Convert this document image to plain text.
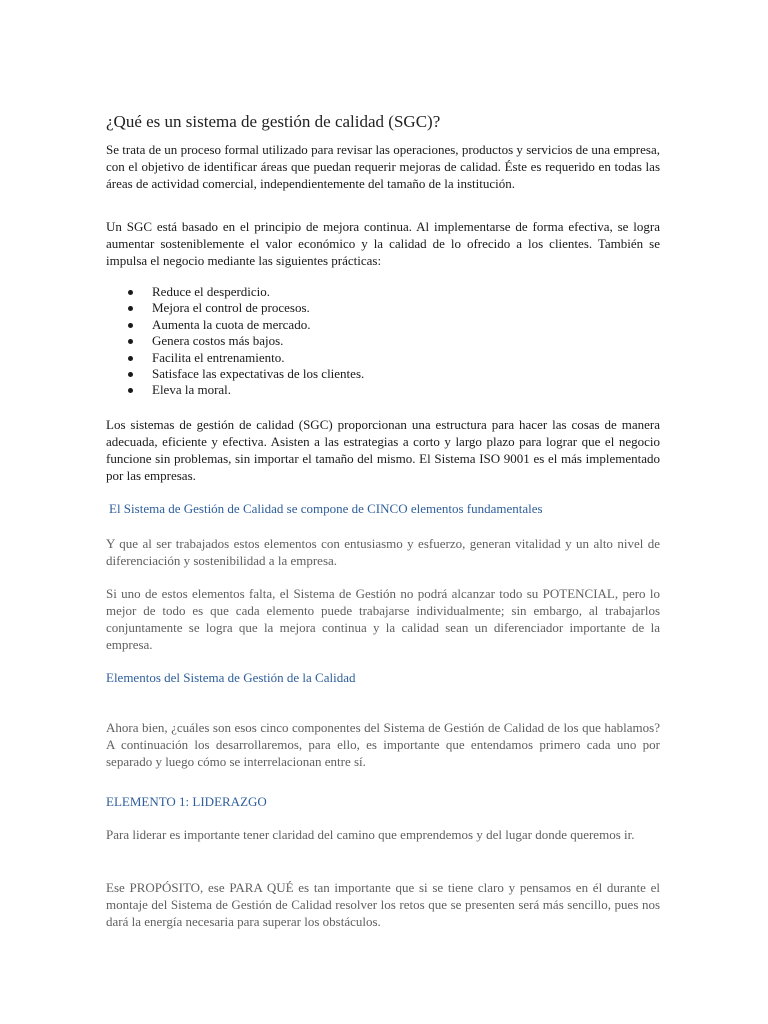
¿Qué es un sistema de gestión de calidad (SGC)?

Se trata de un proceso formal utilizado para revisar las operaciones, productos y servicios de una empresa, con el objetivo de identificar áreas que puedan requerir mejoras de calidad. Éste es requerido en todas las áreas de actividad comercial, independientemente del tamaño de la institución.

Un SGC está basado en el principio de mejora continua. Al implementarse de forma efectiva, se logra aumentar sosteniblemente el valor económico y la calidad de lo ofrecido a los clientes. También se impulsa el negocio mediante las siguientes prácticas:

Reduce el desperdicio.
Mejora el control de procesos.
Aumenta la cuota de mercado.
Genera costos más bajos.
Facilita el entrenamiento.
Satisface las expectativas de los clientes.
Eleva la moral.

Los sistemas de gestión de calidad (SGC) proporcionan una estructura para hacer las cosas de manera adecuada, eficiente y efectiva. Asisten a las estrategias a corto y largo plazo para lograr que el negocio funcione sin problemas, sin importar el tamaño del mismo. El Sistema ISO 9001 es el más implementado por las empresas.

El Sistema de Gestión de Calidad se compone de CINCO elementos fundamentales

Y que al ser trabajados estos elementos con entusiasmo y esfuerzo, generan vitalidad y un alto nivel de diferenciación y sostenibilidad a la empresa.

Si uno de estos elementos falta, el Sistema de Gestión no podrá alcanzar todo su POTENCIAL, pero lo mejor de todo es que cada elemento puede trabajarse individualmente; sin embargo, al trabajarlos conjuntamente se logra que la mejora continua y la calidad sean un diferenciador importante de la empresa.

Elementos del Sistema de Gestión de la Calidad

Ahora bien, ¿cuáles son esos cinco componentes del Sistema de Gestión de Calidad de los que hablamos? A continuación los desarrollaremos, para ello, es importante que entendamos primero cada uno por separado y luego cómo se interrelacionan entre sí.

ELEMENTO 1: LIDERAZGO

Para liderar es importante tener claridad del camino que emprendemos y del lugar donde queremos ir.

Ese PROPÓSITO, ese PARA QUÉ es tan importante que si se tiene claro y pensamos en él durante el montaje del Sistema de Gestión de Calidad resolver los retos que se presenten será más sencillo, pues nos dará la energía necesaria para superar los obstáculos.
